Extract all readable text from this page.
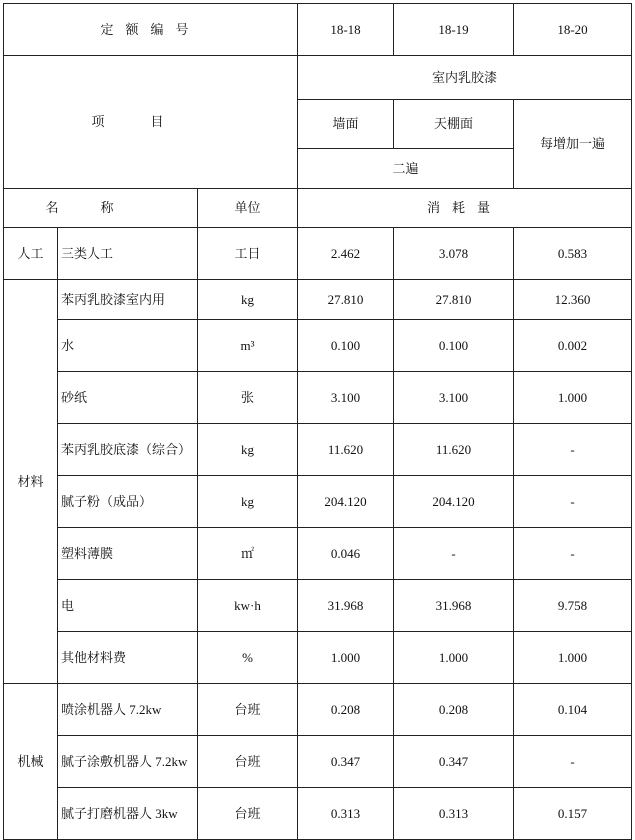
定额编号			18-18	18-19	18-20
项目			室内乳胶漆		
			墙面	天棚面	每增加一遍
			二遍		
名称		单位	消耗量		
人工	三类人工	工日	2.462	3.078	0.583
材料	苯丙乳胶漆室内用	kg	27.810	27.810	12.360
	水	m³	0.100	0.100	0.002
	砂纸	张	3.100	3.100	1.000
	苯丙乳胶底漆（综合）	kg	11.620	11.620	-
	腻子粉（成品）	kg	204.120	204.120	-
	塑料薄膜	㎡	0.046	-	-
	电	kw·h	31.968	31.968	9.758
	其他材料费	%	1.000	1.000	1.000
机械	喷涂机器人 7.2kw	台班	0.208	0.208	0.104
	腻子涂敷机器人 7.2kw	台班	0.347	0.347	-
	腻子打磨机器人 3kw	台班	0.313	0.313	0.157
